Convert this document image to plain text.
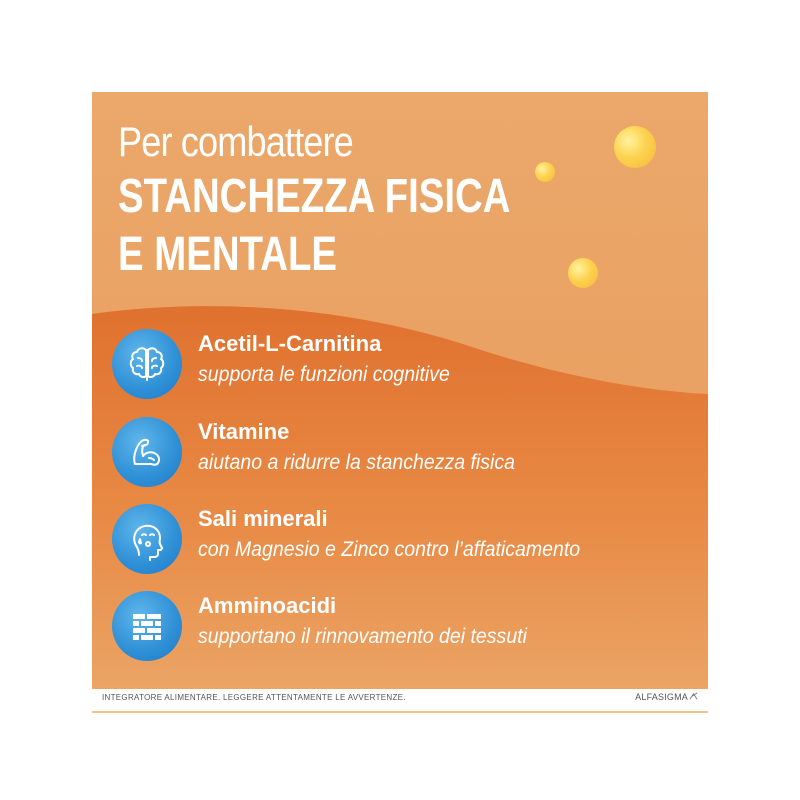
Per combattere
STANCHEZZA FISICA
E MENTALE
Acetil-L-Carnitina
supporta le funzioni cognitive
Vitamine
aiutano a ridurre la stanchezza fisica
Sali minerali
con Magnesio e Zinco contro l’affaticamento
Amminoacidi
supportano il rinnovamento dei tessuti
INTEGRATORE ALIMENTARE. LEGGERE ATTENTAMENTE LE AVVERTENZE.	ALFASIGMA
